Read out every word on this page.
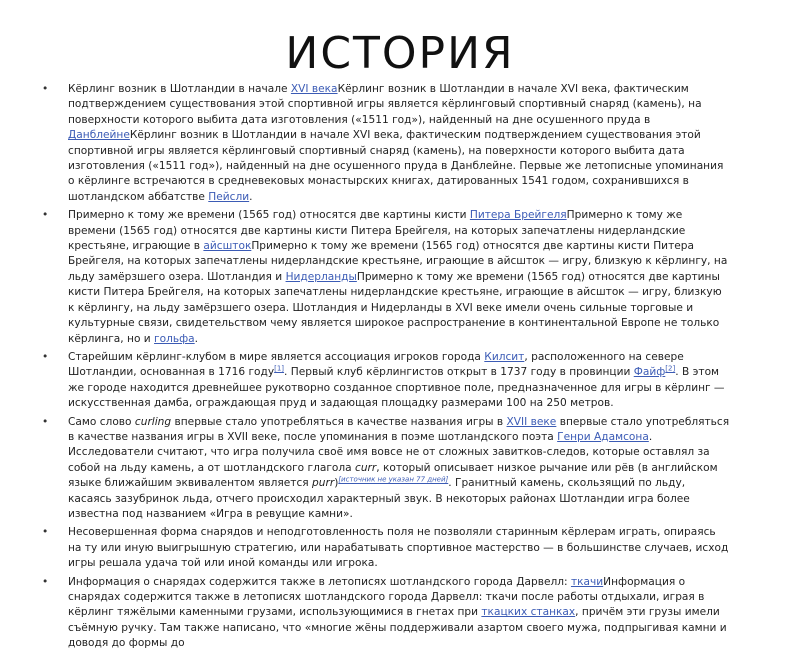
ИСТОРИЯ
• Кёрлинг возник в Шотландии в начале XVI векаКёрлинг возник в Шотландии в начале XVI века, фактическим подтверждением существования этой спортивной игры является кёрлинговый спортивный снаряд (камень), на поверхности которого выбита дата изготовления («1511 год»), найденный на дне осушенного пруда в ДанблейнеКёрлинг возник в Шотландии в начале XVI века, фактическим подтверждением существования этой спортивной игры является кёрлинговый спортивный снаряд (камень), на поверхности которого выбита дата изготовления («1511 год»), найденный на дне осушенного пруда в Данблейне. Первые же летописные упоминания о кёрлинге встречаются в средневековых монастырских книгах, датированных 1541 годом, сохранившихся в шотландском аббатстве Пейсли.
• Примерно к тому же времени (1565 год) относятся две картины кисти Питера БрейгеляПримерно к тому же времени (1565 год) относятся две картины кисти Питера Брейгеля, на которых запечатлены нидерландские крестьяне, играющие в айсштокПримерно к тому же времени (1565 год) относятся две картины кисти Питера Брейгеля, на которых запечатлены нидерландские крестьяне, играющие в айсшток — игру, близкую к кёрлингу, на льду замёрзшего озера. Шотландия и НидерландыПримерно к тому же времени (1565 год) относятся две картины кисти Питера Брейгеля, на которых запечатлены нидерландские крестьяне, играющие в айсшток — игру, близкую к кёрлингу, на льду замёрзшего озера. Шотландия и Нидерланды в XVI веке имели очень сильные торговые и культурные связи, свидетельством чему является широкое распространение в континентальной Европе не только кёрлинга, но и гольфа.
• Старейшим кёрлинг-клубом в мире является ассоциация игроков города Килсит, расположенного на севере Шотландии, основанная в 1716 году[1]. Первый клуб кёрлингистов открыт в 1737 году в провинции Файф[2]. В этом же городе находится древнейшее рукотворно созданное спортивное поле, предназначенное для игры в кёрлинг — искусственная дамба, ограждающая пруд и задающая площадку размерами 100 на 250 метров.
• Само слово curling впервые стало употребляться в качестве названия игры в XVII веке впервые стало употребляться в качестве названия игры в XVII веке, после упоминания в поэме шотландского поэта Генри Адамсона. Исследователи считают, что игра получила своё имя вовсе не от сложных завитков-следов, которые оставлял за собой на льду камень, а от шотландского глагола curr, который описывает низкое рычание или рёв (в английском языке ближайшим эквивалентом является purr)[источник не указан 77 дней]. Гранитный камень, скользящий по льду, касаясь зазубринок льда, отчего происходил характерный звук. В некоторых районах Шотландии игра более известна под названием «Игра в ревущие камни».
• Несовершенная форма снарядов и неподготовленность поля не позволяли старинным кёрлерам играть, опираясь на ту или иную выигрышную стратегию, или нарабатывать спортивное мастерство — в большинстве случаев, исход игры решала удача той или иной команды или игрока.
• Информация о снарядах содержится также в летописях шотландского города Дарвелл: ткачиИнформация о снарядах содержится также в летописях шотландского города Дарвелл: ткачи после работы отдыхали, играя в кёрлинг тяжёлыми каменными грузами, использующимися в гнетах при ткацких станках, причём эти грузы имели съёмную ручку. Там также написано, что «многие жёны поддерживали азартом своего мужа, подпрыгивая камни и доводя до формы до
